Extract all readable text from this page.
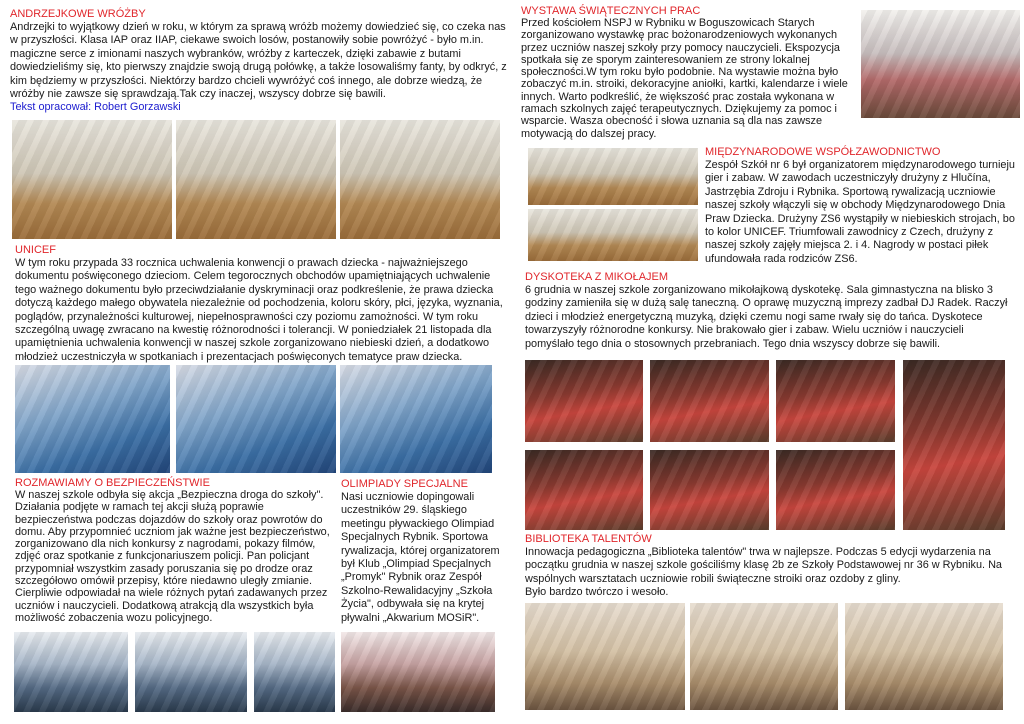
ANDRZEJKOWE WRÓŻBY

Andrzejki to wyjątkowy dzień w roku, w którym za sprawą wróżb możemy dowiedzieć się, co czeka nas w przyszłości. Klasa IAP oraz IIAP, ciekawe swoich losów, postanowiły sobie powróżyć - było m.in. magiczne serce z imionami naszych wybranków, wróżby z karteczek, dzięki zabawie z butami dowiedzieliśmy się, kto pierwszy znajdzie swoją drugą połówkę, a także losowaliśmy fanty, by odkryć, z kim będziemy w przyszłości. Niektórzy bardzo chcieli wywróżyć coś innego, ale dobrze wiedzą, że wróżby nie zawsze się sprawdzają.Tak czy inaczej, wszyscy dobrze się bawili.

Tekst opracował: Robert Gorzawski
UNICEF

W tym roku przypada 33 rocznica uchwalenia konwencji o prawach dziecka - najważniejszego dokumentu poświęconego dzieciom. Celem tegorocznych obchodów upamiętniających uchwalenie tego ważnego dokumentu było przeciwdziałanie dyskryminacji oraz podkreślenie, że prawa dziecka dotyczą każdego małego obywatela niezależnie od pochodzenia, koloru skóry, płci, języka, wyznania, poglądów, przynależności kulturowej, niepełnosprawności czy poziomu zamożności. W tym roku szczególną uwagę zwracano na kwestię różnorodności i tolerancji. W poniedziałek 21 listopada dla upamiętnienia uchwalenia konwencji w naszej szkole zorganizowano niebieski dzień, a dodatkowo młodzież uczestniczyła w spotkaniach i prezentacjach poświęconych tematyce praw dziecka.

ROZMAWIAMY O BEZPIECZEŃSTWIE

W naszej szkole odbyła się akcja „Bezpieczna droga do szkoły". Działania podjęte w ramach tej akcji służą poprawie bezpieczeństwa podczas dojazdów do szkoły oraz powrotów do domu. Aby przypomnieć uczniom jak ważne jest bezpieczeństwo, zorganizowano dla nich konkursy z nagrodami, pokazy filmów, zdjęć oraz spotkanie z funkcjonariuszem policji. Pan policjant przypomniał wszystkim zasady poruszania się po drodze oraz szczegółowo omówił przepisy, które niedawno uległy zmianie. Cierpliwie odpowiadał na wiele różnych pytań zadawanych przez uczniów i nauczycieli. Dodatkową atrakcją dla wszystkich była możliwość zobaczenia wozu policyjnego.

OLIMPIADY SPECJALNE

Nasi uczniowie dopingowali uczestników 29. śląskiego meetingu pływackiego Olimpiad Specjalnych Rybnik. Sportowa rywalizacja, której organizatorem był Klub „Olimpiad Specjalnych „Promyk" Rybnik oraz Zespół Szkolno-Rewalidacyjny „Szkoła Życia", odbywała się na krytej pływalni „Akwarium MOSiR".

WYSTAWA ŚWIĄTECZNYCH PRAC

Przed kościołem NSPJ w Rybniku w Boguszowicach Starych zorganizowano wystawkę prac bożonarodzeniowych wykonanych przez uczniów naszej szkoły przy pomocy nauczycieli. Ekspozycja spotkała się ze sporym zainteresowaniem ze strony lokalnej społeczności.W tym roku było podobnie. Na wystawie można było zobaczyć m.in. stroiki, dekoracyjne aniołki, kartki, kalendarze i wiele innych. Warto podkreślić, że większość prac została wykonana w ramach szkolnych zajęć terapeutycznych. Dziękujemy za pomoc i wsparcie. Wasza obecność i słowa uznania są dla nas zawsze motywacją do dalszej pracy.

MIĘDZYNARODOWE WSPÓŁZAWODNICTWO

Zespół Szkół nr 6 był organizatorem międzynarodowego turnieju gier i zabaw. W zawodach uczestniczyły drużyny z Hlučína, Jastrzębia Zdroju i Rybnika. Sportową rywalizacją uczniowie naszej szkoły włączyli się w obchody Międzynarodowego Dnia Praw Dziecka. Drużyny ZS6 wystąpiły w niebieskich strojach, bo to kolor UNICEF. Triumfowali zawodnicy z Czech, drużyny z naszej szkoły zajęły miejsca 2. i 4. Nagrody w postaci piłek ufundowała rada rodziców ZS6.

DYSKOTEKA Z MIKOŁAJEM

6 grudnia w naszej szkole zorganizowano mikołajkową dyskotekę. Sala gimnastyczna na blisko 3 godziny zamieniła się w dużą salę taneczną. O oprawę muzyczną imprezy zadbał DJ Radek. Raczył dzieci i młodzież energetyczną muzyką, dzięki czemu nogi same rwały się do tańca. Dyskotece towarzyszyły różnorodne konkursy. Nie brakowało gier i zabaw. Wielu uczniów i nauczycieli pomyślało tego dnia o stosownych przebraniach. Tego dnia wszyscy dobrze się bawili.

BIBLIOTEKA TALENTÓW

Innowacja pedagogiczna „Biblioteka talentów" trwa w najlepsze. Podczas 5 edycji wydarzenia na początku grudnia w naszej szkole gościliśmy klasę 2b ze Szkoły Podstawowej nr 36 w Rybniku. Na wspólnych warsztatach uczniowie robili świąteczne stroiki oraz ozdoby z gliny.

Było bardzo twórczo i wesoło.
